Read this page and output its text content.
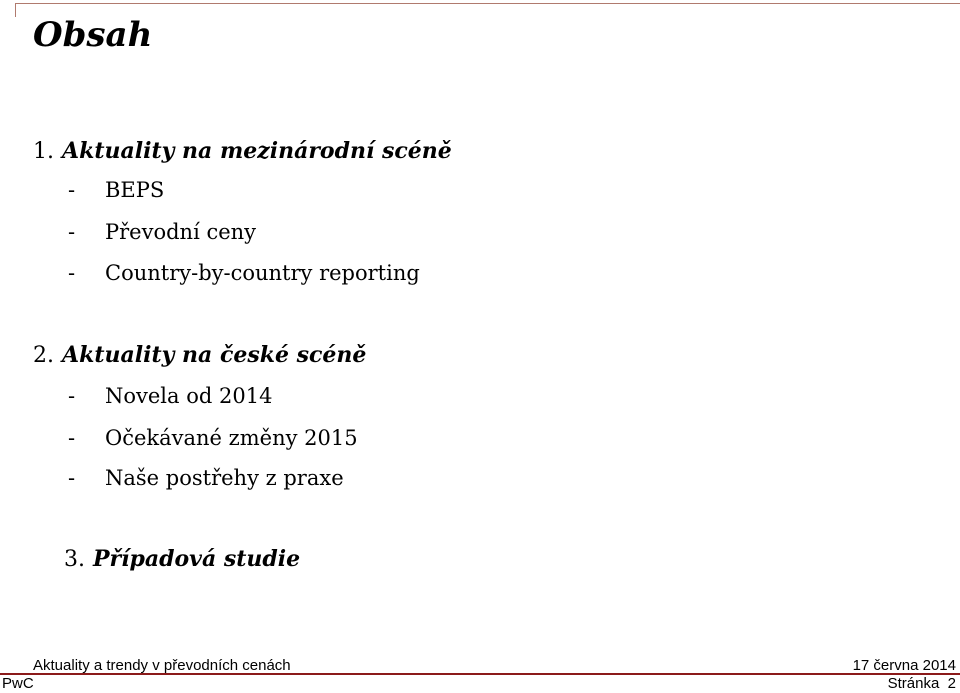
Obsah
1. Aktuality na mezinárodní scéně
- BEPS
- Převodní ceny
- Country-by-country reporting
2. Aktuality na české scéně
- Novela od 2014
- Očekávané změny 2015
- Naše postřehy z praxe
3. Případová studie
Aktuality a trendy v převodních cenách	17 června 2014
PwC	Stránka  2
